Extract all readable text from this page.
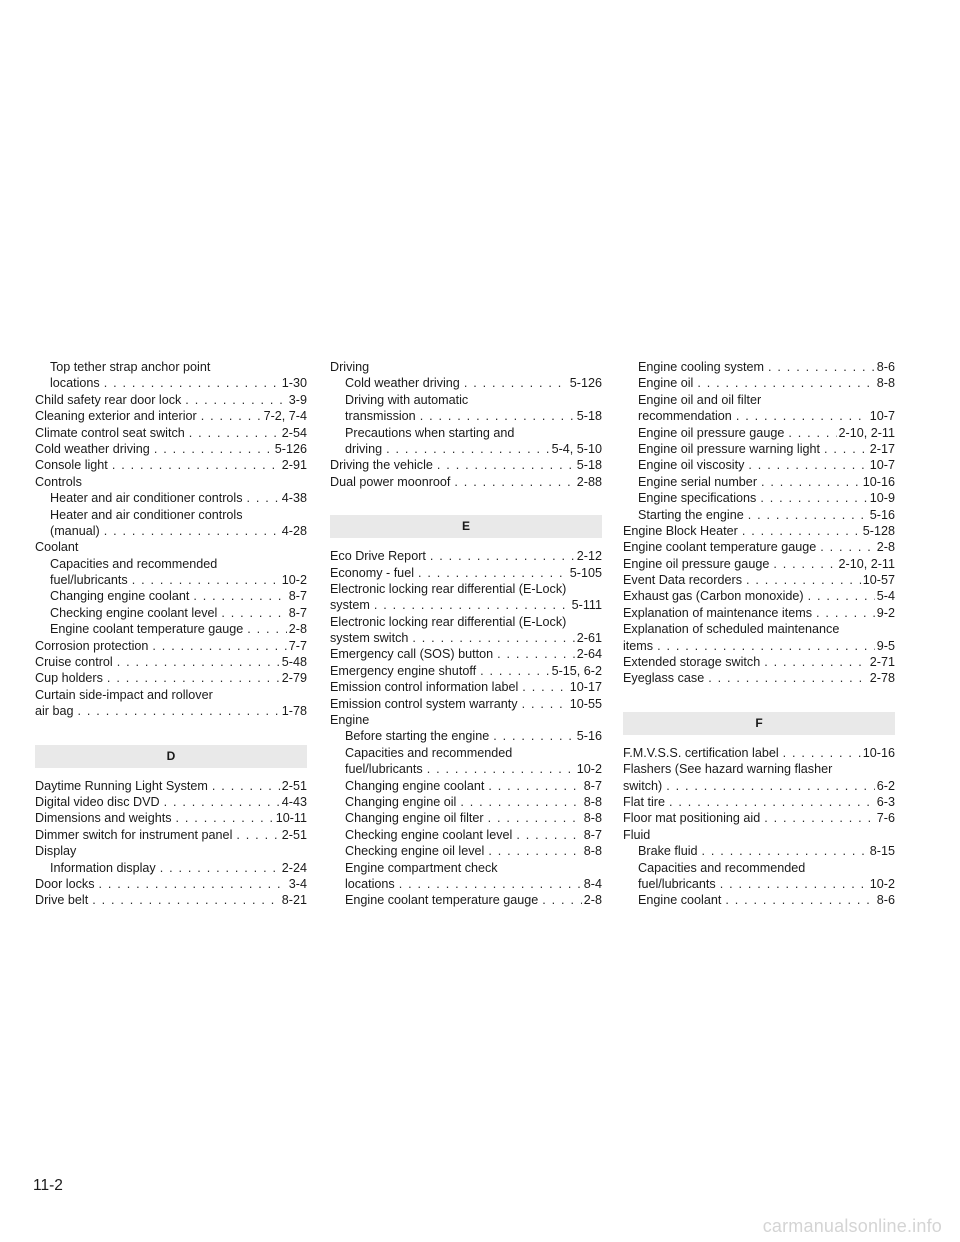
Top tether strap anchor point
locations . . .	1-30
Child safety rear door lock . . .	3-9
Cleaning exterior and interior . . .	7-2, 7-4
Climate control seat switch . . .	2-54
Cold weather driving . . .	5-126
Console light . . .	2-91
Controls
Heater and air conditioner controls . . .	4-38
Heater and air conditioner controls
(manual) . . .	4-28
Coolant
Capacities and recommended
fuel/lubricants . . .	10-2
Changing engine coolant . . .	8-7
Checking engine coolant level . . .	8-7
Engine coolant temperature gauge . . .	2-8
Corrosion protection . . .	7-7
Cruise control . . .	5-48
Cup holders . . .	2-79
Curtain side-impact and rollover
air bag . . .	1-78
D
Daytime Running Light System . . .	2-51
Digital video disc DVD . . .	4-43
Dimensions and weights . . .	10-11
Dimmer switch for instrument panel . . .	2-51
Display
Information display . . .	2-24
Door locks . . .	3-4
Drive belt . . .	8-21
Driving
Cold weather driving . . .	5-126
Driving with automatic
transmission . . .	5-18
Precautions when starting and
driving . . .	5-4, 5-10
Driving the vehicle . . .	5-18
Dual power moonroof . . .	2-88
E
Eco Drive Report . . .	2-12
Economy - fuel . . .	5-105
Electronic locking rear differential (E-Lock)
system . . .	5-111
Electronic locking rear differential (E-Lock)
system switch . . .	2-61
Emergency call (SOS) button . . .	2-64
Emergency engine shutoff . . .	5-15, 6-2
Emission control information label . . .	10-17
Emission control system warranty . . .	10-55
Engine
Before starting the engine . . .	5-16
Capacities and recommended
fuel/lubricants . . .	10-2
Changing engine coolant . . .	8-7
Changing engine oil . . .	8-8
Changing engine oil filter . . .	8-8
Checking engine coolant level . . .	8-7
Checking engine oil level . . .	8-8
Engine compartment check
locations . . .	8-4
Engine coolant temperature gauge . . .	2-8
Engine cooling system . . .	8-6
Engine oil . . .	8-8
Engine oil and oil filter
recommendation . . .	10-7
Engine oil pressure gauge . . .	2-10, 2-11
Engine oil pressure warning light . . .	2-17
Engine oil viscosity . . .	10-7
Engine serial number . . .	10-16
Engine specifications . . .	10-9
Starting the engine . . .	5-16
Engine Block Heater . . .	5-128
Engine coolant temperature gauge . . .	2-8
Engine oil pressure gauge . . .	2-10, 2-11
Event Data recorders . . .	10-57
Exhaust gas (Carbon monoxide) . . .	5-4
Explanation of maintenance items . . .	9-2
Explanation of scheduled maintenance
items . . .	9-5
Extended storage switch . . .	2-71
Eyeglass case . . .	2-78
F
F.M.V.S.S. certification label . . .	10-16
Flashers (See hazard warning flasher
switch) . . .	6-2
Flat tire . . .	6-3
Floor mat positioning aid . . .	7-6
Fluid
Brake fluid . . .	8-15
Capacities and recommended
fuel/lubricants . . .	10-2
Engine coolant . . .	8-6
11-2
carmanualsonline.info
